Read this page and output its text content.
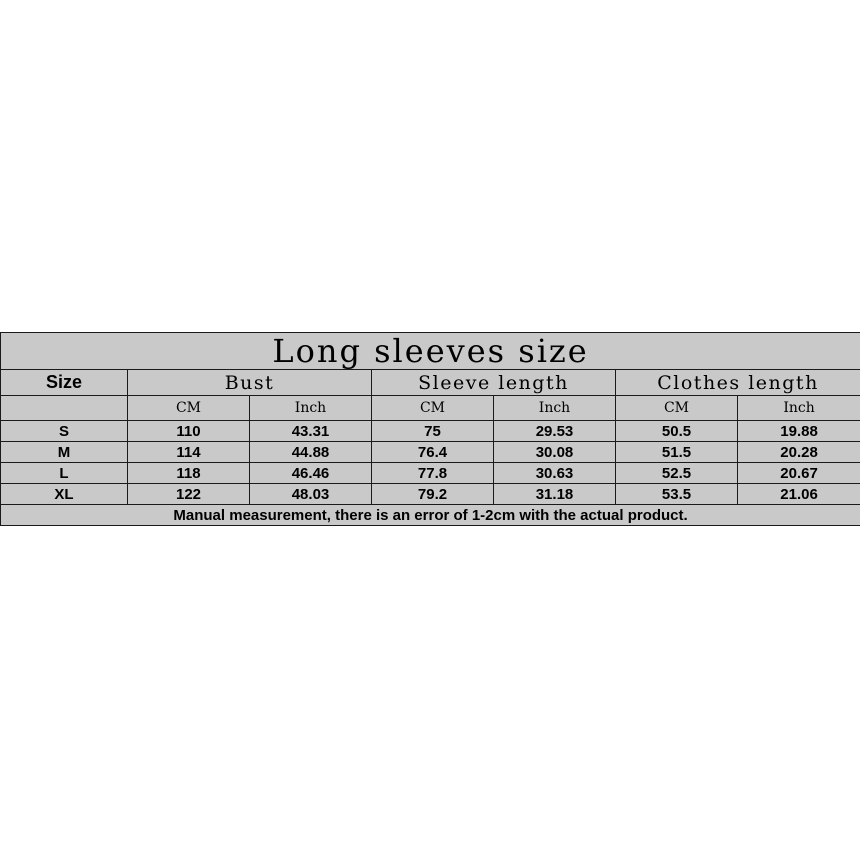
Long sleeves size						
Size	Bust		Sleeve length		Clothes length	
	CM	Inch	CM	Inch	CM	Inch
S	110	43.31	75	29.53	50.5	19.88
M	114	44.88	76.4	30.08	51.5	20.28
L	118	46.46	77.8	30.63	52.5	20.67
XL	122	48.03	79.2	31.18	53.5	21.06
Manual measurement, there is an error of 1-2cm with the actual product.						
